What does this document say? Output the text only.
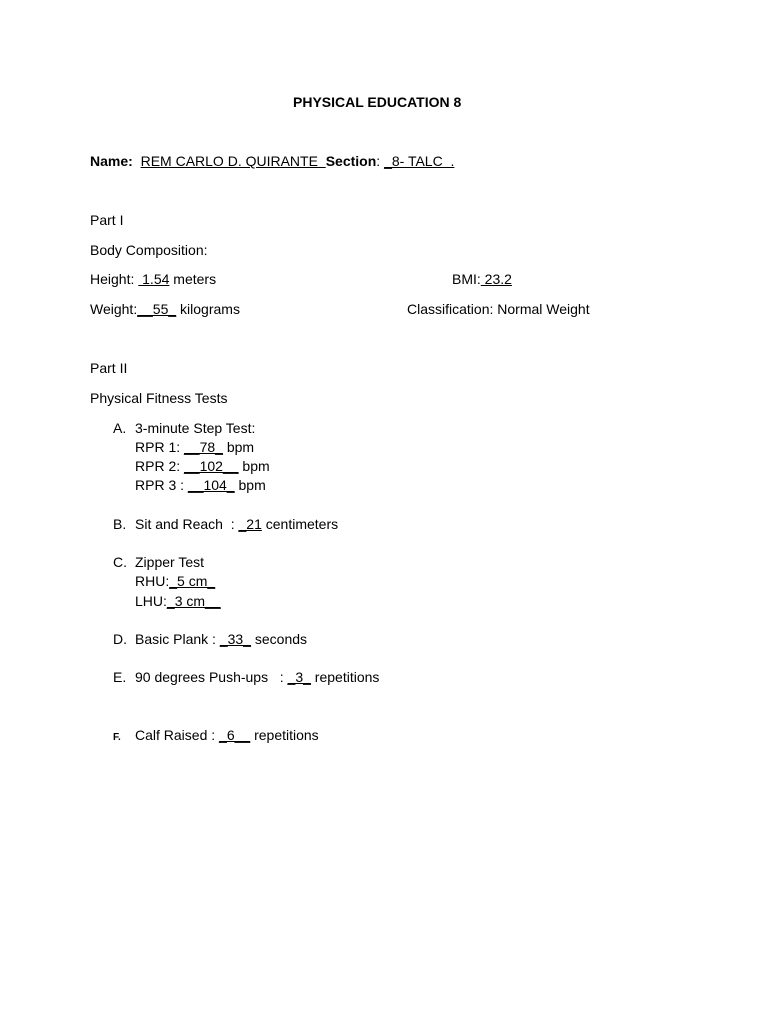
PHYSICAL EDUCATION 8
Name: REM CARLO D. QUIRANTE  Section: _8- TALC  .
Part I
Body Composition:
Height:  1.54 meters	BMI: 23.2
Weight:__55_ kilograms	Classification: Normal Weight
Part II
Physical Fitness Tests
A. 3-minute Step Test:
RPR 1: __78_ bpm
RPR 2: __102__ bpm
RPR 3 : __104_ bpm
B. Sit and Reach  : _21 centimeters
C. Zipper Test
RHU:_5 cm_
LHU:_3 cm__
D. Basic Plank : _33_ seconds
E. 90 degrees Push-ups   : _3_ repetitions
F. Calf Raised : _6__ repetitions
